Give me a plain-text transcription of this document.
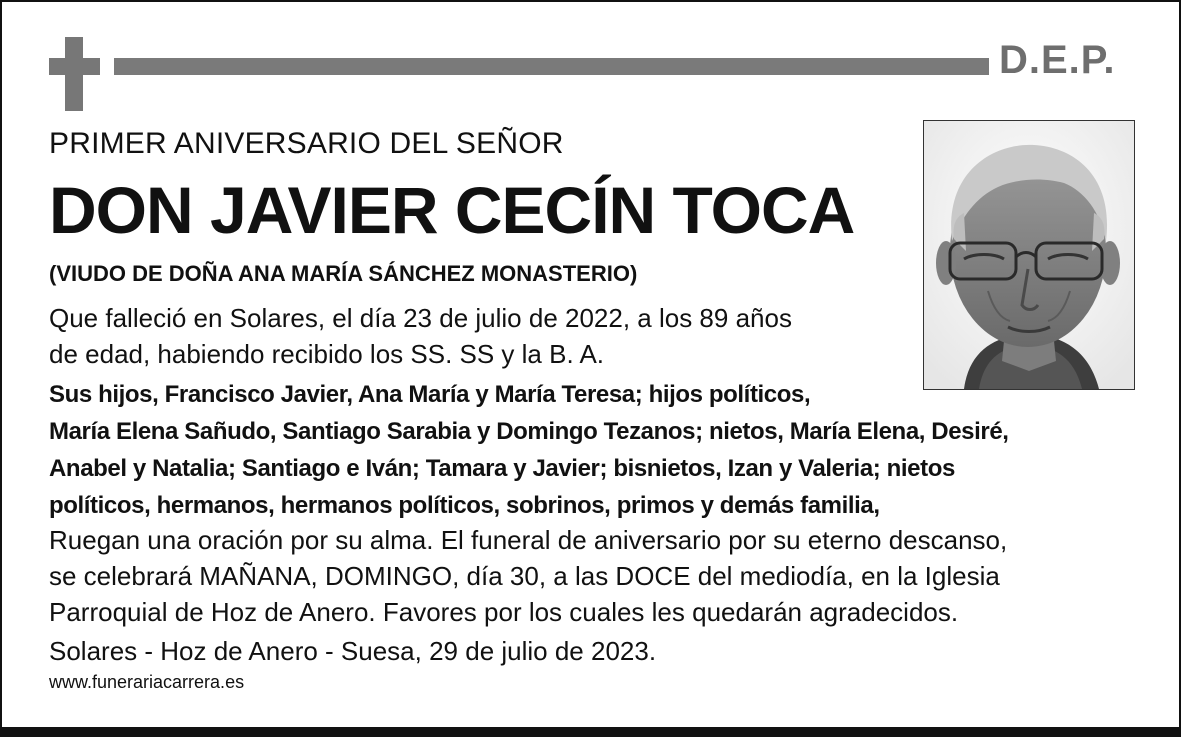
D.E.P.
PRIMER ANIVERSARIO DEL SEÑOR
DON JAVIER CECÍN TOCA
(VIUDO DE DOÑA ANA MARÍA SÁNCHEZ MONASTERIO)
Que falleció en Solares, el día 23 de julio de 2022, a los 89 años
de edad, habiendo recibido los SS. SS y la B. A.
Sus hijos, Francisco Javier, Ana María y María Teresa; hijos políticos,
María Elena Sañudo, Santiago Sarabia y Domingo Tezanos; nietos, María Elena, Desiré,
Anabel y Natalia; Santiago e Iván; Tamara y Javier; bisnietos, Izan y Valeria; nietos
políticos, hermanos, hermanos políticos, sobrinos, primos y demás familia,
Ruegan una oración por su alma. El funeral de aniversario por su eterno descanso,
se celebrará MAÑANA, DOMINGO, día 30, a las DOCE del mediodía, en la Iglesia
Parroquial de Hoz de Anero. Favores por los cuales les quedarán agradecidos.
Solares - Hoz de Anero - Suesa, 29 de julio de 2023.
www.funerariacarrera.es
